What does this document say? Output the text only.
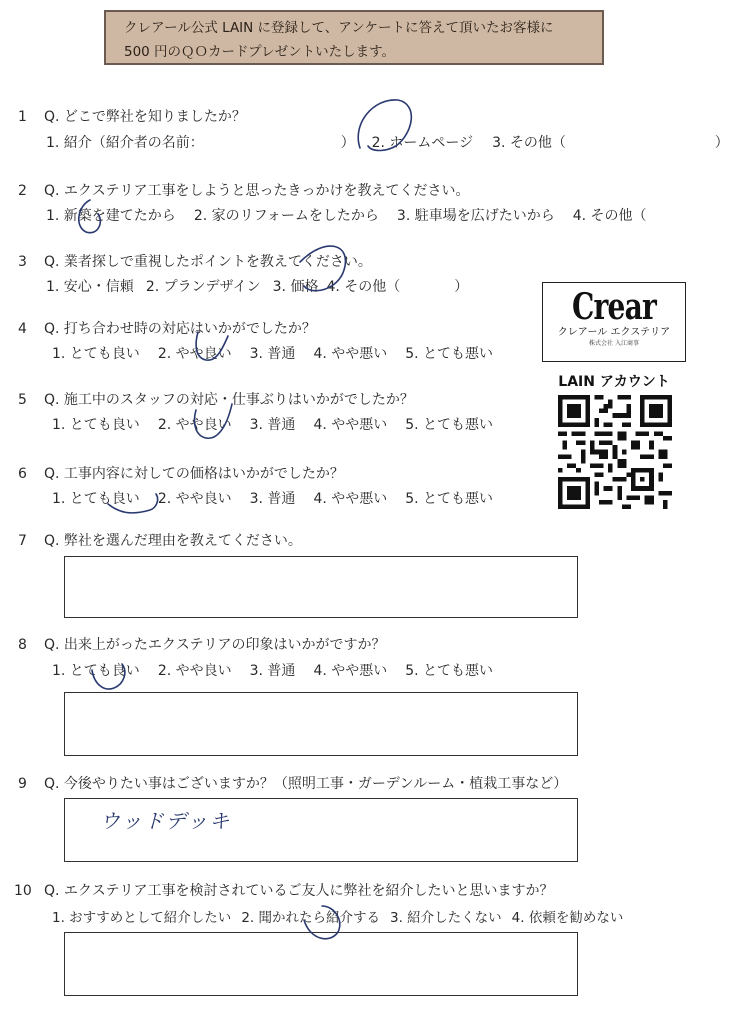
クレアール公式 LAIN に登録して、アンケートに答えて頂いたお客様に
500 円のＱＯカードプレゼントいたします。
1 Q. どこで弊社を知りましたか？
1. 紹介（紹介者の名前：	） 2. ホームページ 3. その他（	）
2 Q. エクステリア工事をしようと思ったきっかけを教えてください。
1. 新築を建てたから 2. 家のリフォームをしたから 3. 駐車場を広げたいから 4. その他（
3 Q. 業者探しで重視したポイントを教えてください。
1. 安心・信頼 2. プランデザイン 3. 価格 4. その他（	）
4 Q. 打ち合わせ時の対応はいかがでしたか？
1. とても良い 2. やや良い 3. 普通 4. やや悪い 5. とても悪い
5 Q. 施工中のスタッフの対応・仕事ぶりはいかがでしたか？
1. とても良い 2. やや良い 3. 普通 4. やや悪い 5. とても悪い
6 Q. 工事内容に対しての価格はいかがでしたか？
1. とても良い 2. やや良い 3. 普通 4. やや悪い 5. とても悪い
7 Q. 弊社を選んだ理由を教えてください。
8 Q. 出来上がったエクステリアの印象はいかがですか？
1. とても良い 2. やや良い 3. 普通 4. やや悪い 5. とても悪い
9 Q. 今後やりたい事はございますか？（照明工事・ガーデンルーム・植栽工事など）
ウッドデッキ
10 Q. エクステリア工事を検討されているご友人に弊社を紹介したいと思いますか？
1. おすすめとして紹介したい 2. 聞かれたら紹介する 3. 紹介したくない 4. 依頼を勧めない
Crear
クレアール エクステリア
株式会社 入江商事
LAIN アカウント
